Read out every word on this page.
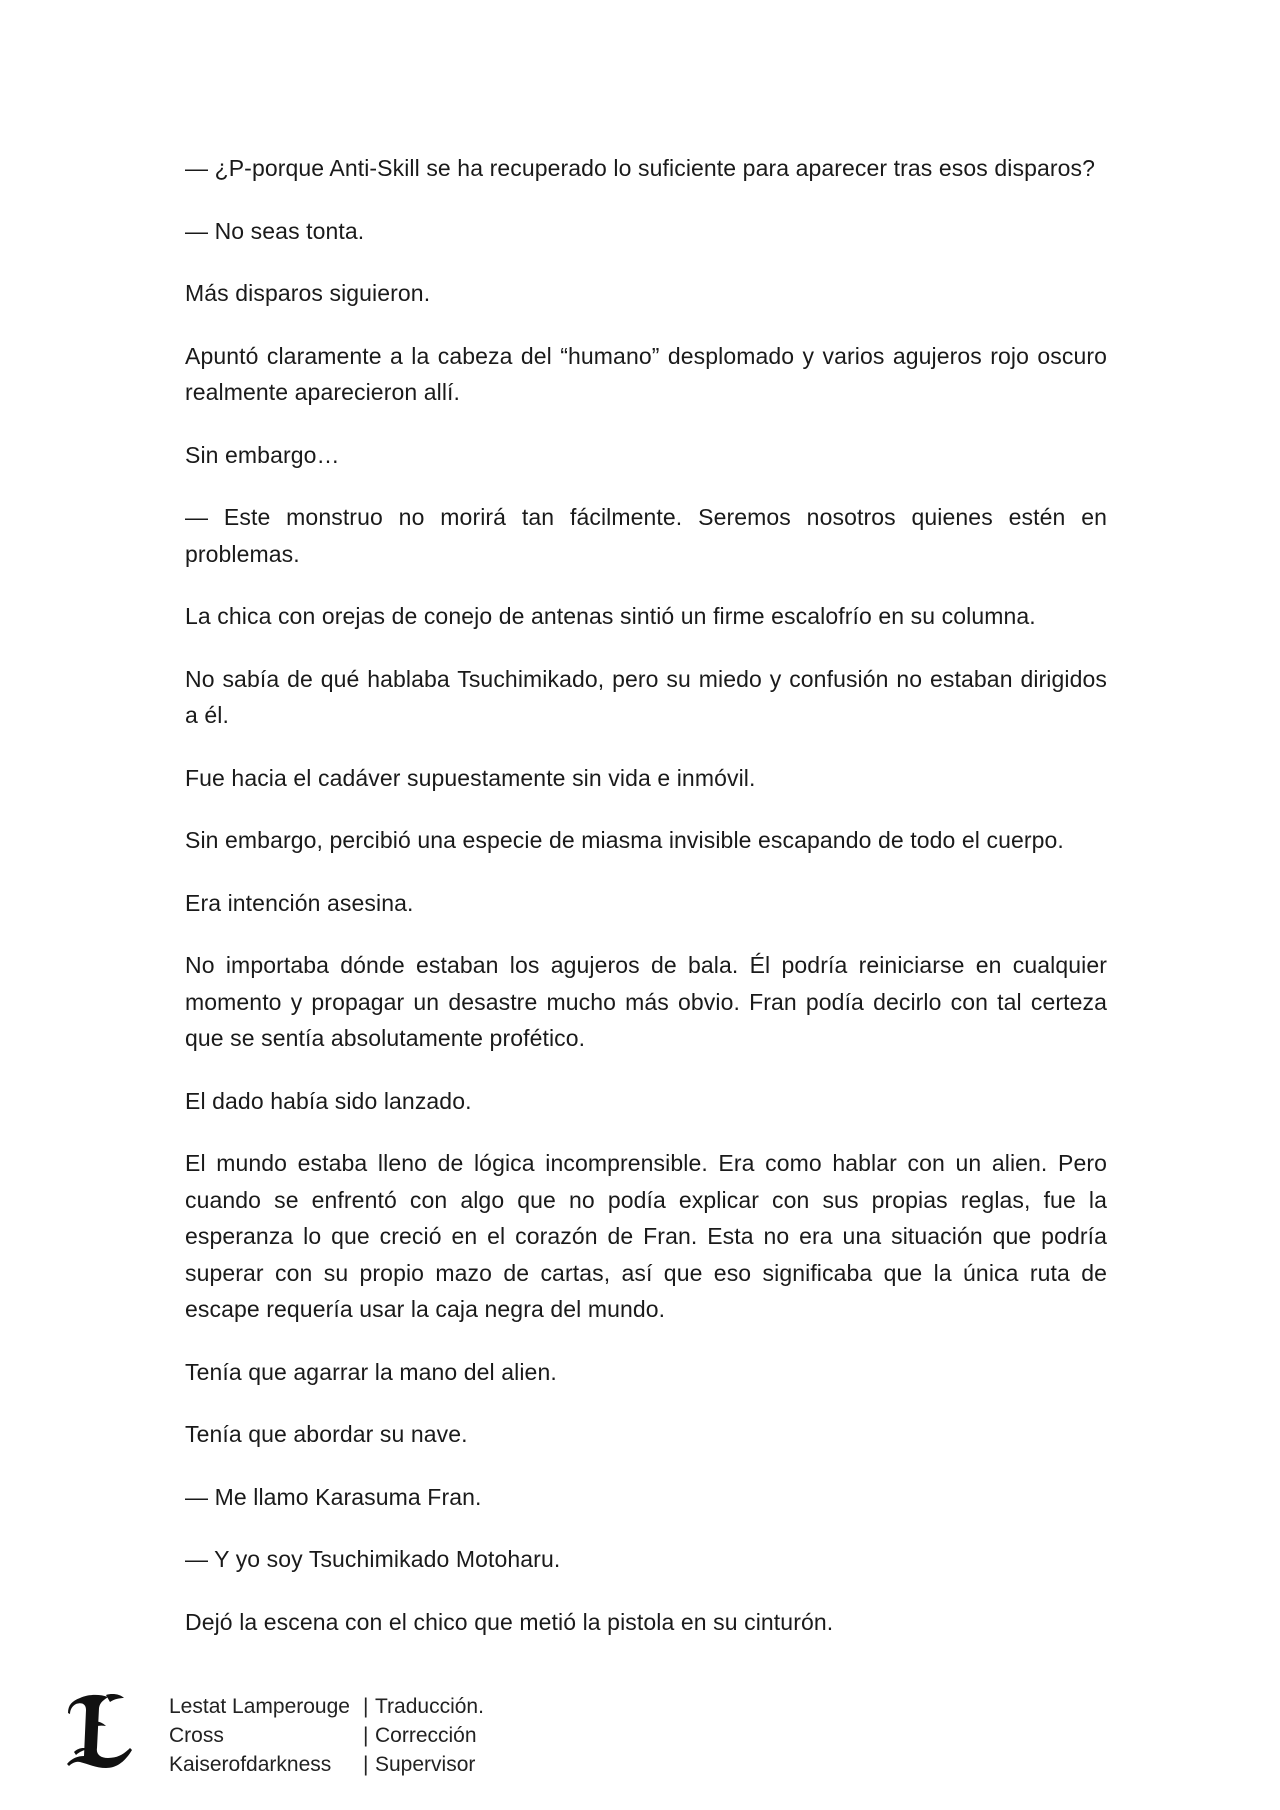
— ¿P-porque Anti-Skill se ha recuperado lo suficiente para aparecer tras esos disparos?

— No seas tonta.

Más disparos siguieron.

Apuntó claramente a la cabeza del “humano” desplomado y varios agujeros rojo oscuro realmente aparecieron allí.

Sin embargo…

— Este monstruo no morirá tan fácilmente. Seremos nosotros quienes estén en problemas.

La chica con orejas de conejo de antenas sintió un firme escalofrío en su columna.

No sabía de qué hablaba Tsuchimikado, pero su miedo y confusión no estaban dirigidos a él.

Fue hacia el cadáver supuestamente sin vida e inmóvil.

Sin embargo, percibió una especie de miasma invisible escapando de todo el cuerpo.

Era intención asesina.

No importaba dónde estaban los agujeros de bala. Él podría reiniciarse en cualquier momento y propagar un desastre mucho más obvio. Fran podía decirlo con tal certeza que se sentía absolutamente profético.

El dado había sido lanzado.

El mundo estaba lleno de lógica incomprensible. Era como hablar con un alien. Pero cuando se enfrentó con algo que no podía explicar con sus propias reglas, fue la esperanza lo que creció en el corazón de Fran. Esta no era una situación que podría superar con su propio mazo de cartas, así que eso significaba que la única ruta de escape requería usar la caja negra del mundo.

Tenía que agarrar la mano del alien.

Tenía que abordar su nave.

— Me llamo Karasuma Fran.

— Y yo soy Tsuchimikado Motoharu.

Dejó la escena con el chico que metió la pistola en su cinturón.

Lestat Lamperouge | Traducción.
Cross	| Corrección
Kaiserofdarkness	| Supervisor
